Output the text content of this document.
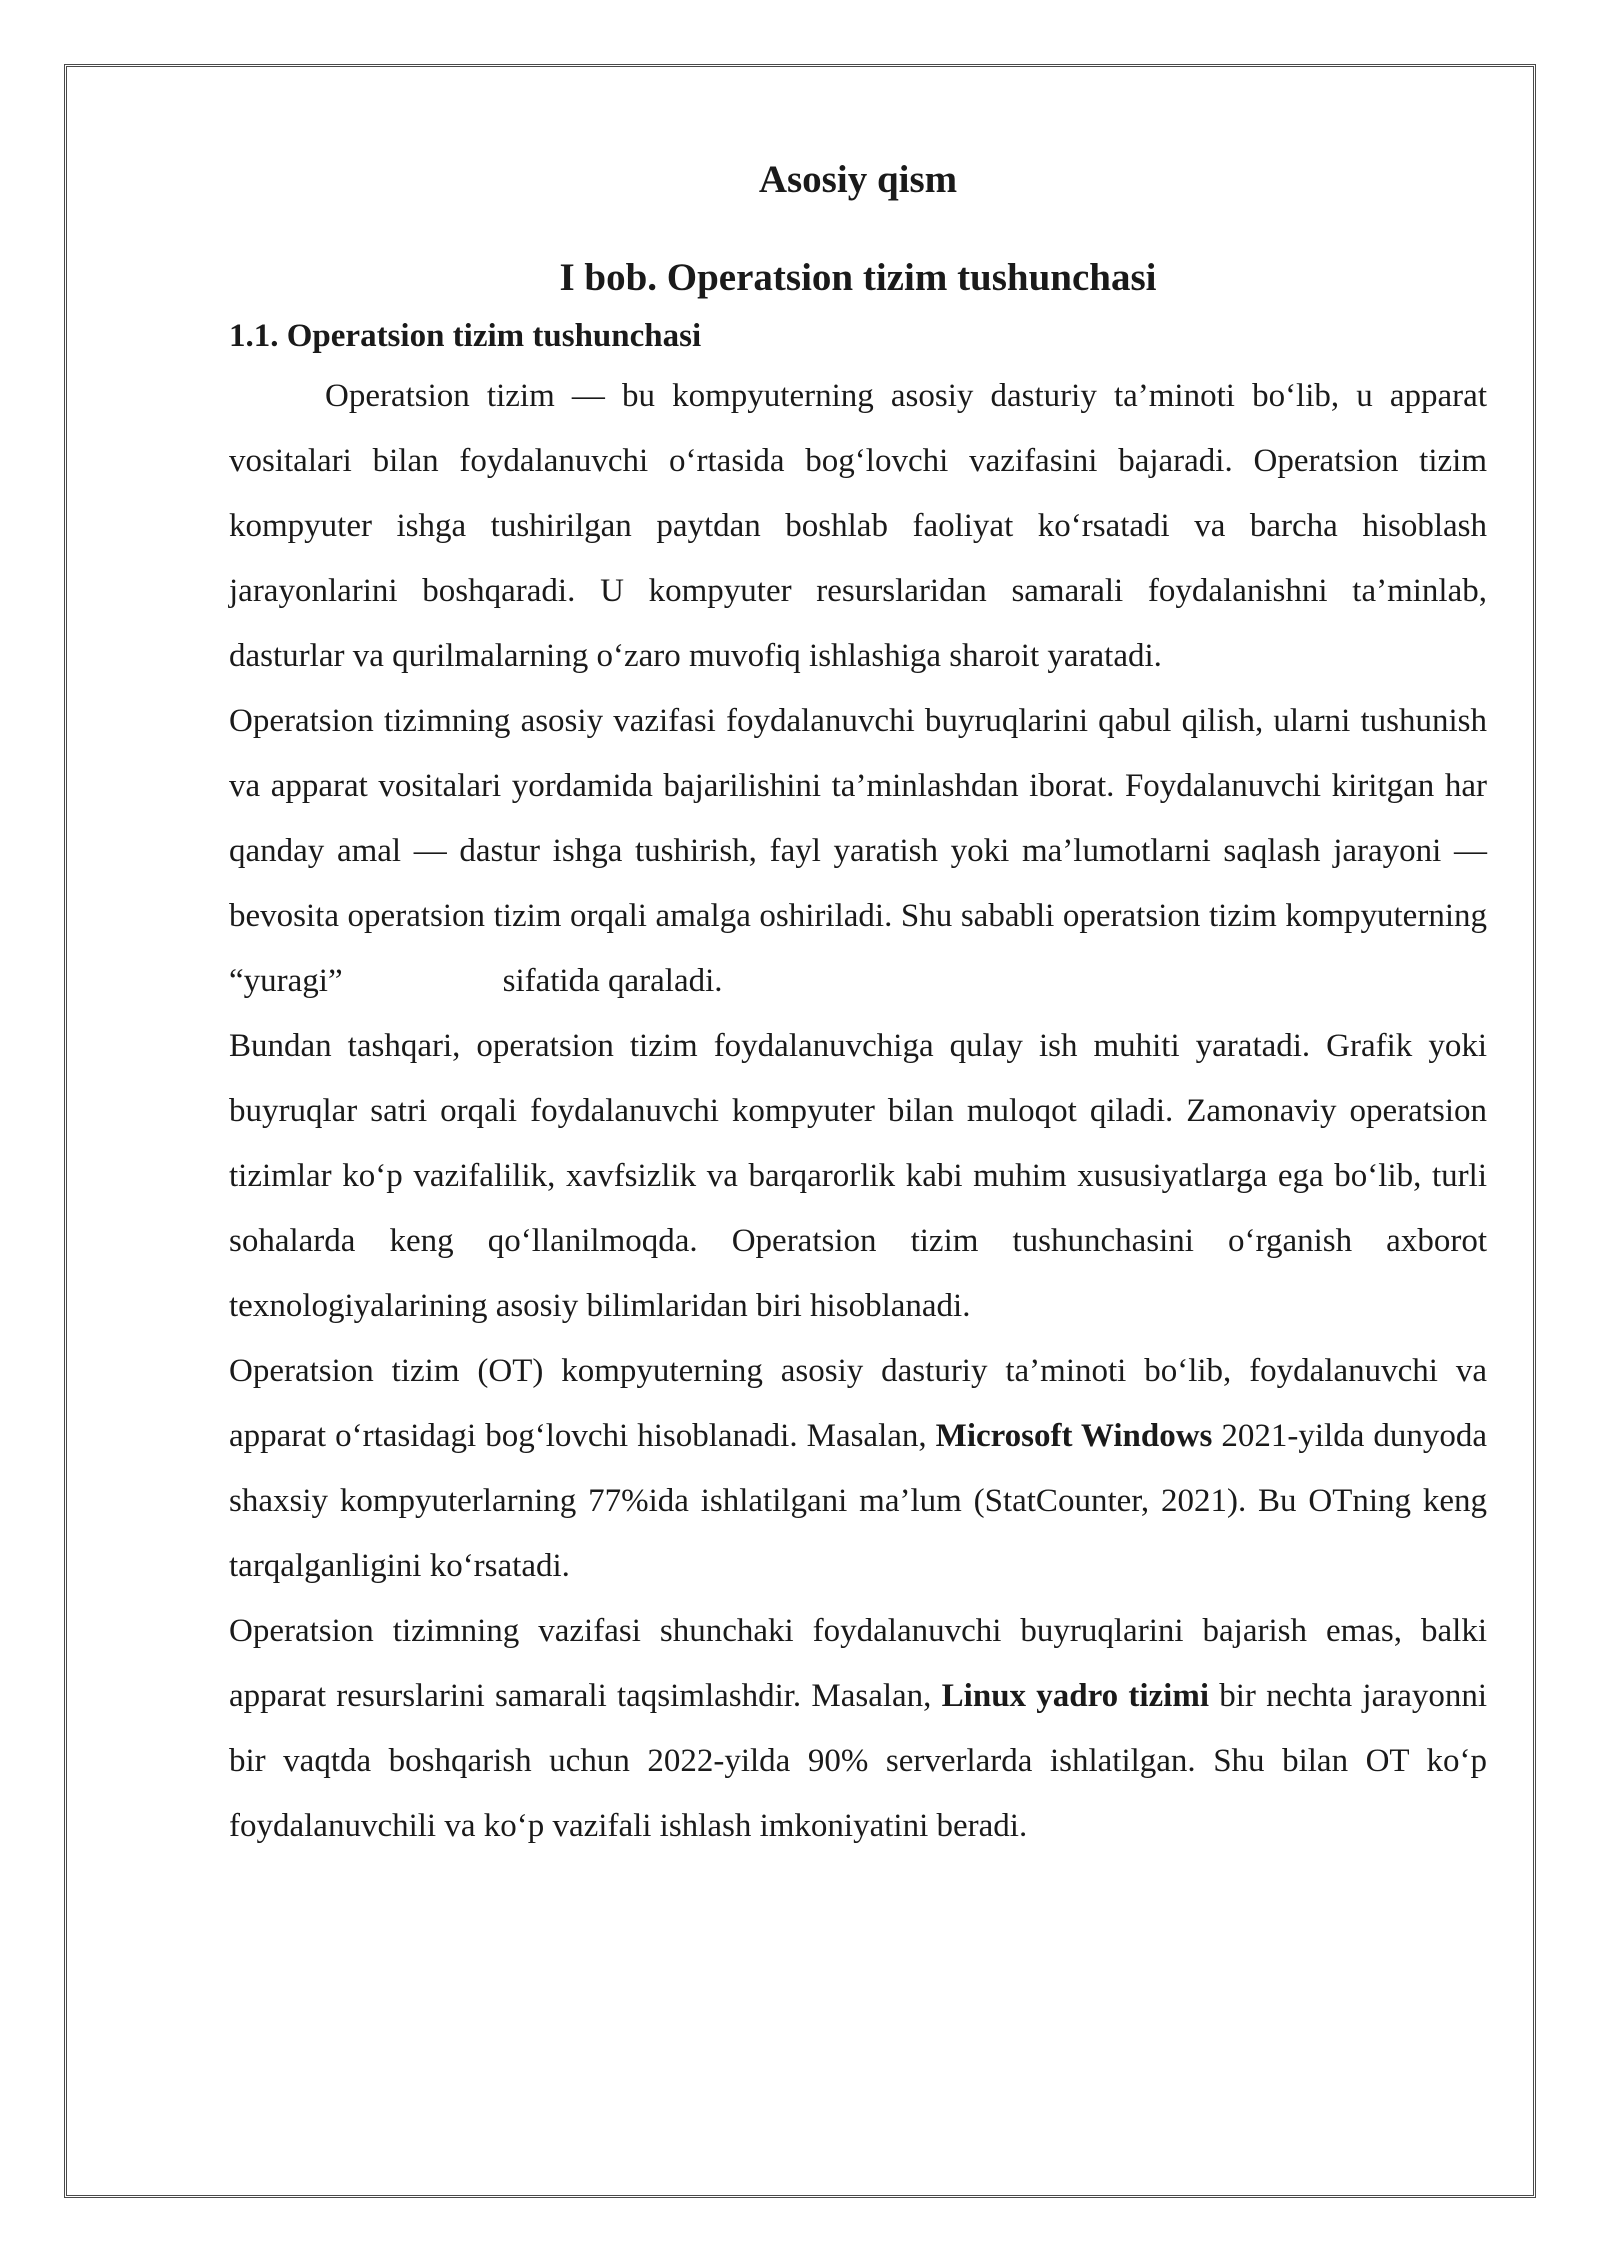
Asosiy qism
I bob. Operatsion tizim tushunchasi
1.1. Operatsion tizim tushunchasi

Operatsion tizim — bu kompyuterning asosiy dasturiy ta’minoti bo‘lib, u apparat vositalari bilan foydalanuvchi o‘rtasida bog‘lovchi vazifasini bajaradi. Operatsion tizim kompyuter ishga tushirilgan paytdan boshlab faoliyat ko‘rsatadi va barcha hisoblash jarayonlarini boshqaradi. U kompyuter resurslaridan samarali foydalanishni ta’minlab, dasturlar va qurilmalarning o‘zaro muvofiq ishlashiga sharoit yaratadi.

Operatsion tizimning asosiy vazifasi foydalanuvchi buyruqlarini qabul qilish, ularni tushunish va apparat vositalari yordamida bajarilishini ta’minlashdan iborat. Foydalanuvchi kiritgan har qanday amal — dastur ishga tushirish, fayl yaratish yoki ma’lumotlarni saqlash jarayoni — bevosita operatsion tizim orqali amalga oshiriladi. Shu sababli operatsion tizim kompyuterning “yuragi”	sifatida qaraladi.

Bundan tashqari, operatsion tizim foydalanuvchiga qulay ish muhiti yaratadi. Grafik yoki buyruqlar satri orqali foydalanuvchi kompyuter bilan muloqot qiladi. Zamonaviy operatsion tizimlar ko‘p vazifalilik, xavfsizlik va barqarorlik kabi muhim xususiyatlarga ega bo‘lib, turli sohalarda keng qo‘llanilmoqda. Operatsion tizim tushunchasini o‘rganish axborot texnologiyalarining asosiy bilimlaridan biri hisoblanadi.

Operatsion tizim (OT) kompyuterning asosiy dasturiy ta’minoti bo‘lib, foydalanuvchi va apparat o‘rtasidagi bog‘lovchi hisoblanadi. Masalan, Microsoft Windows 2021-yilda dunyoda shaxsiy kompyuterlarning 77%ida ishlatilgani ma’lum (StatCounter, 2021). Bu OTning keng tarqalganligini ko‘rsatadi.

Operatsion tizimning vazifasi shunchaki foydalanuvchi buyruqlarini bajarish emas, balki apparat resurslarini samarali taqsimlashdir. Masalan, Linux yadro tizimi bir nechta jarayonni bir vaqtda boshqarish uchun 2022-yilda 90% serverlarda ishlatilgan. Shu bilan OT ko‘p foydalanuvchili va ko‘p vazifali ishlash imkoniyatini beradi.
